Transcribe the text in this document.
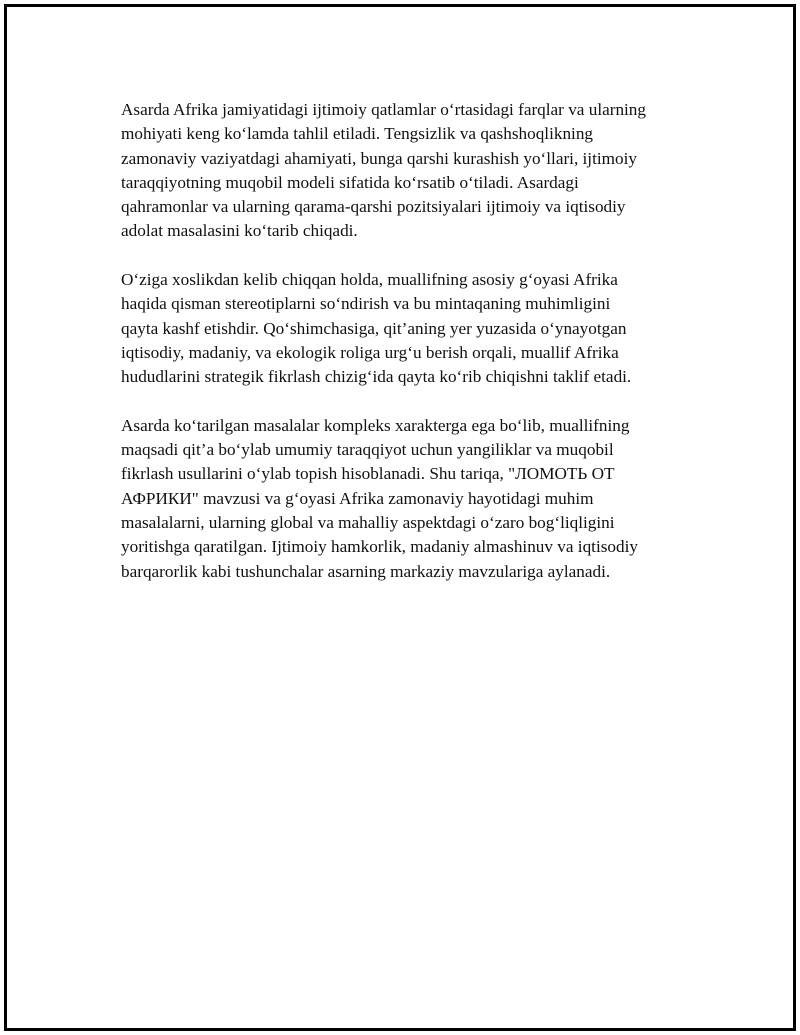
Asarda Afrika jamiyatidagi ijtimoiy qatlamlar o‘rtasidagi farqlar va ularning
mohiyati keng ko‘lamda tahlil etiladi. Tengsizlik va qashshoqlikning
zamonaviy vaziyatdagi ahamiyati, bunga qarshi kurashish yo‘llari, ijtimoiy
taraqqiyotning muqobil modeli sifatida ko‘rsatib o‘tiladi. Asardagi
qahramonlar va ularning qarama-qarshi pozitsiyalari ijtimoiy va iqtisodiy
adolat masalasini ko‘tarib chiqadi.

O‘ziga xoslikdan kelib chiqqan holda, muallifning asosiy g‘oyasi Afrika
haqida qisman stereotiplarni so‘ndirish va bu mintaqaning muhimligini
qayta kashf etishdir. Qo‘shimchasiga, qit’aning yer yuzasida o‘ynayotgan
iqtisodiy, madaniy, va ekologik roliga urg‘u berish orqali, muallif Afrika
hududlarini strategik fikrlash chizig‘ida qayta ko‘rib chiqishni taklif etadi.

Asarda ko‘tarilgan masalalar kompleks xarakterga ega bo‘lib, muallifning
maqsadi qit’a bo‘ylab umumiy taraqqiyot uchun yangiliklar va muqobil
fikrlash usullarini o‘ylab topish hisoblanadi. Shu tariqa, "ЛОМОТЬ ОТ
АФРИКИ" mavzusi va g‘oyasi Afrika zamonaviy hayotidagi muhim
masalalarni, ularning global va mahalliy aspektdagi o‘zaro bog‘liqligini
yoritishga qaratilgan. Ijtimoiy hamkorlik, madaniy almashinuv va iqtisodiy
barqarorlik kabi tushunchalar asarning markaziy mavzulariga aylanadi.
